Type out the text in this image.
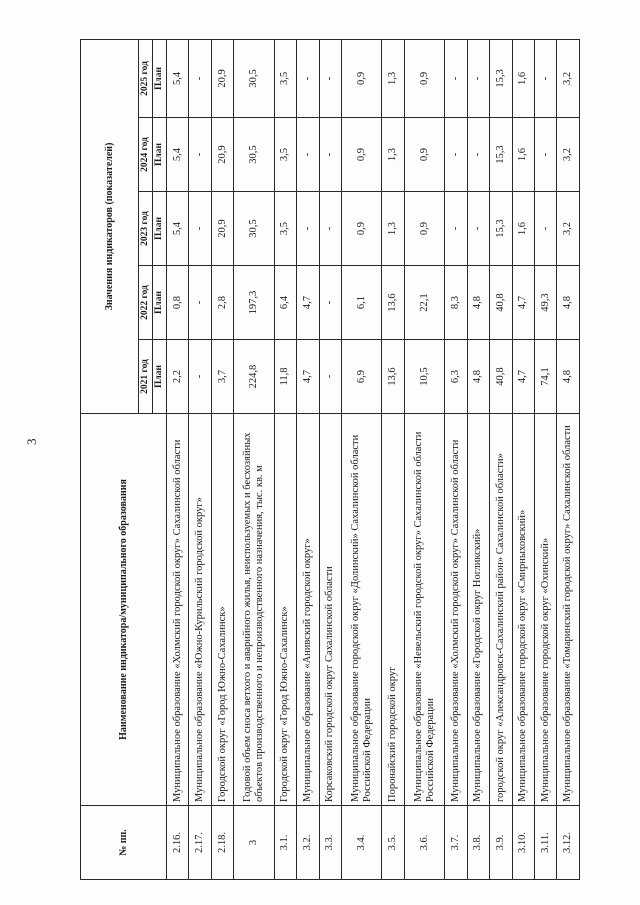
3
№ пп.	Наименование индикатора/муниципального образования	Значения индикаторов (показателей)				
		2021 год	2022 год	2023 год	2024 год	2025 год
		План	План	План	План	План
2.16.	Муниципальное образование «Холмский городской округ» Сахалинской области	2,2	0,8	5,4	5,4	5,4
2.17.	Муниципальное образование «Южно-Курильский городской округ»	-	-	-	-	-
2.18.	Городской округ «Город Южно-Сахалинск»	3,7	2,8	20,9	20,9	20,9
3	Годовой объем сноса ветхого и аварийного жилья, неиспользуемых и бесхозяйных объектов производственного и непроизводственного назначения, тыс. кв. м	224,8	197,3	30,5	30,5	30,5
3.1.	Городской округ «Город Южно-Сахалинск»	11,8	6,4	3,5	3,5	3,5
3.2.	Муниципальное образование «Анивский городской округ»	4,7	4,7	-	-	-
3.3.	Корсаковский городской округ Сахалинской области	-	-	-	-	-
3.4.	Муниципальное образование городской округ «Долинский» Сахалинской области Российской Федерации	6,9	6,1	0,9	0,9	0,9
3.5.	Поронайский городской округ	13,6	13,6	1,3	1,3	1,3
3.6.	Муниципальное образование «Невельский городской округ» Сахалинской области Российской Федерации	10,5	22,1	0,9	0,9	0,9
3.7.	Муниципальное образование «Холмский городской округ» Сахалинской области	6,3	8,3	-	-	-
3.8.	Муниципальное образование «Городской округ Ногликский»	4,8	4,8	-	-	-
3.9.	городской округ «Александровск-Сахалинский район» Сахалинской области»	40,8	40,8	15,3	15,3	15,3
3.10.	Муниципальное образование городской округ «Смирныховский»	4,7	4,7	1,6	1,6	1,6
3.11.	Муниципальное образование городской округ «Охинский»	74,1	49,3	-	-	-
3.12.	Муниципальное образование «Томаринский городской округ» Сахалинской области	4,8	4,8	3,2	3,2	3,2
